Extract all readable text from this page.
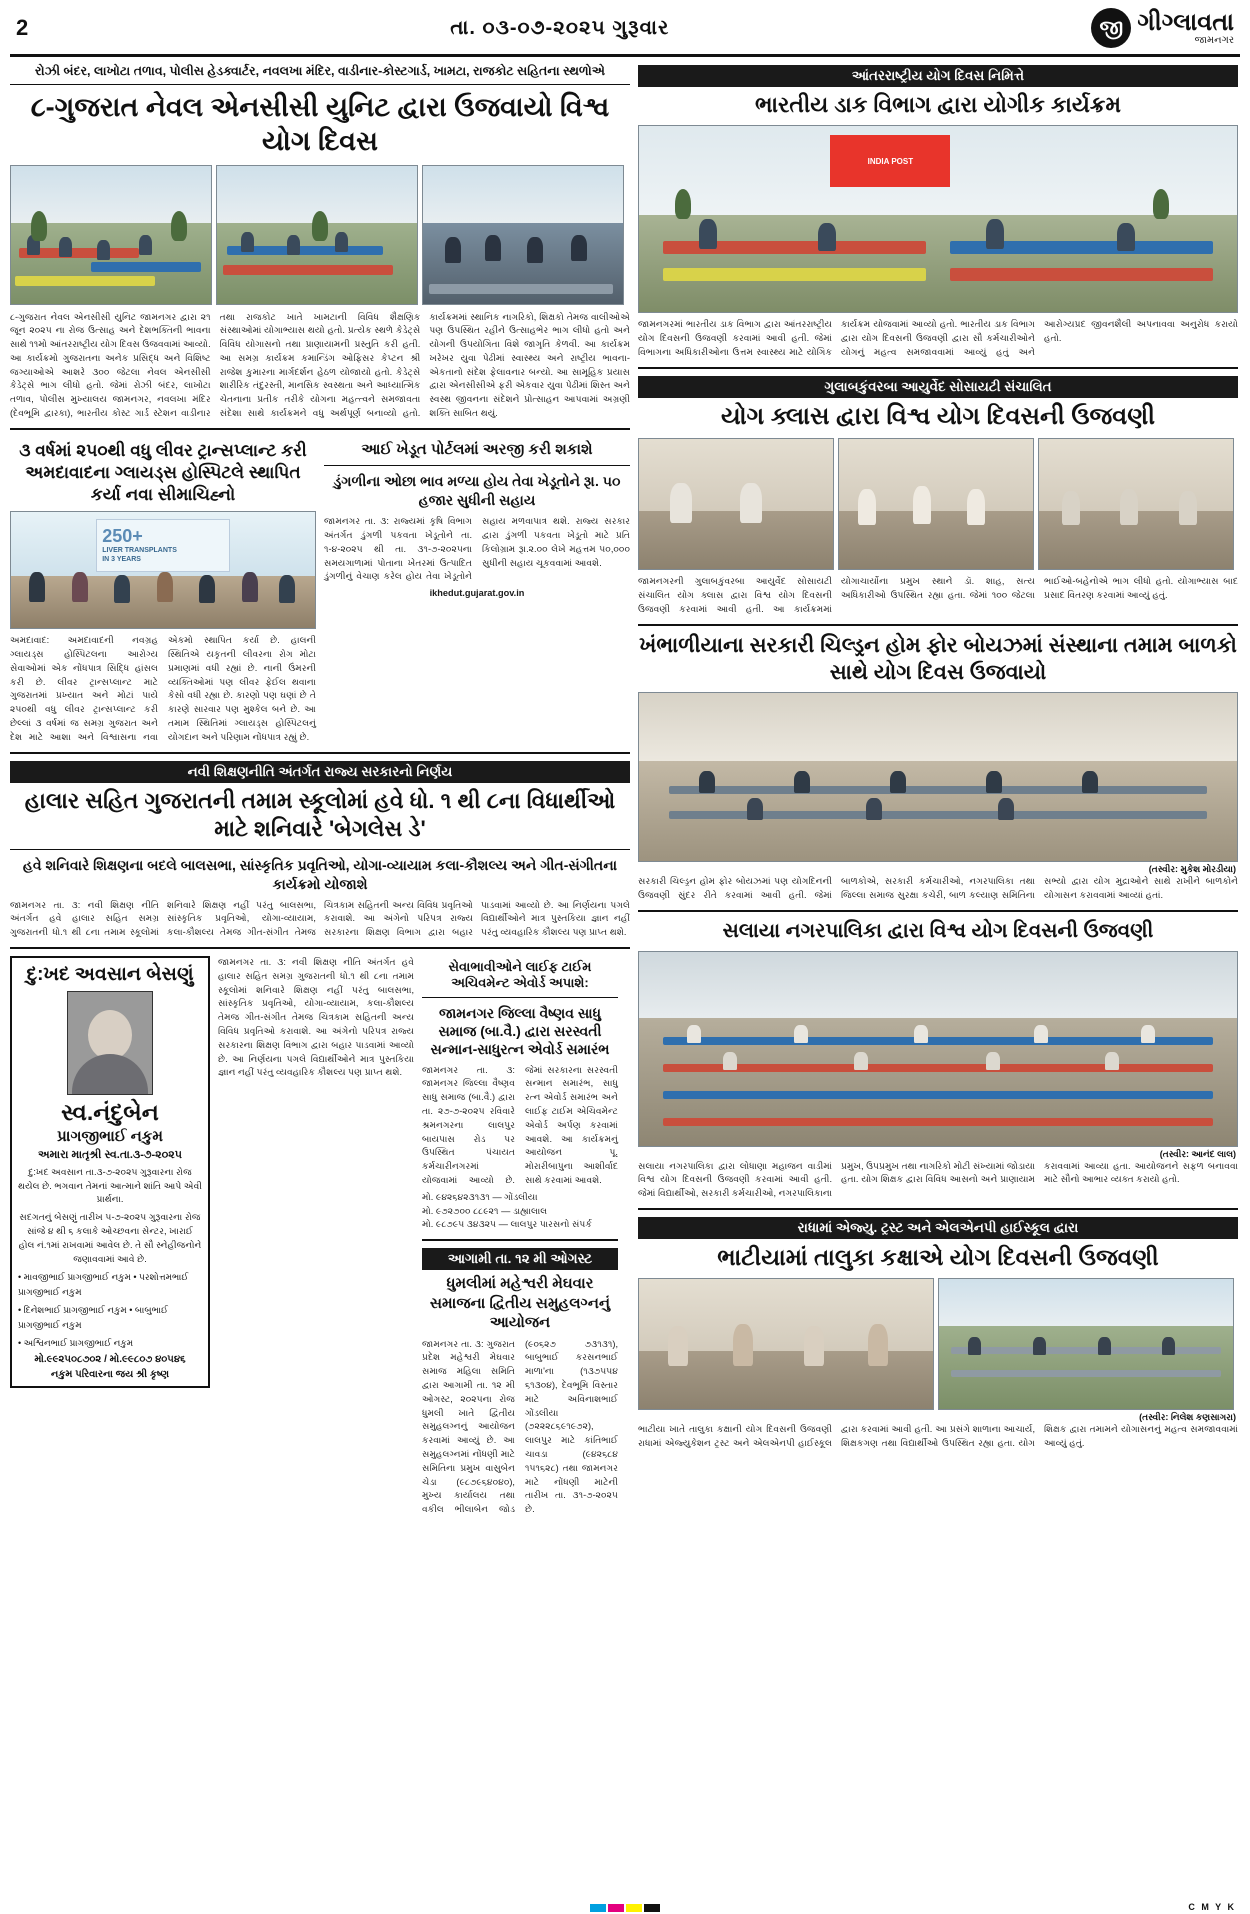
2	તા. ૦૩-૦૭-૨૦૨૫ ગુરૂવાર	જી ગીગ્લાવતા
જામનગર
રોઝી બંદર, લાખોટા તળાવ, પોલીસ હેડક્વાર્ટર, નવલખા મંદિર, વાડીનાર-કોસ્ટગાર્ડ, ખામટા, રાજકોટ સહિતના સ્થળોએ
૮-ગુજરાત નેવલ એનસીસી યુનિટ દ્વારા ઉજવાયો વિશ્વ યોગ દિવસ
૮-ગુજરાત નેવલ એનસીસી યુનિટ જામનગર દ્વારા ૨૧ જૂન ૨૦૨૫ ના રોજ ઉત્સાહ અને દેશભક્તિની ભાવના સાથે ૧૧મો આંતરરાષ્ટ્રીય યોગ દિવસ ઉજવવામાં આવ્યો. આ કાર્યક્રમો ગુજરાતના અનેક પ્રસિદ્ધ અને વિશિષ્ટ જગ્યાઓએ આશરે ૩૦૦ જેટલા નેવલ એનસીસી કેડેટ્સે ભાગ લીધો હતો. જેમાં રોઝી બંદર, લાખોટા તળાવ, પોલીસ મુખ્યાલય જામનગર, નવલખા મંદિર (દેવભૂમિ દ્વારકા), ભારતીય કોસ્ટ ગાર્ડ સ્ટેશન વાડીનાર તથા રાજકોટ ખાતે ખામટાની વિવિધ શૈક્ષણિક સંસ્થાઓમાં યોગાભ્યાસ થયો હતો. પ્રત્યેક સ્થળે કેડેટ્સે વિવિધ યોગાસનો તથા પ્રાણાયામની પ્રસ્તુતિ કરી હતી. આ સમગ્ર કાર્યક્રમ કમાન્ડિંગ ઓફિસર કેપ્ટન શ્રી રાજેશ કુમારના માર્ગદર્શન હેઠળ યોજાયો હતો. કેડેટ્સે શારીરિક તંદુરસ્તી, માનસિક સ્વસ્થતા અને આધ્યાત્મિક ચેતનાના પ્રતીક તરીકે યોગના મહત્ત્વને સમજાવતા સંદેશા સાથે કાર્યક્રમને વધુ અર્થપૂર્ણ બનાવ્યો હતો. કાર્યક્રમમાં સ્થાનિક નાગરિકો, શિક્ષકો તેમજ વાલીઓએ પણ ઉપસ્થિત રહીને ઉત્સાહભેર ભાગ લીધો હતો અને યોગની ઉપયોગિતા વિશે જાગૃતિ કેળવી. આ કાર્યક્રમ ખરેખર યુવા પેઢીમાં સ્વાસ્થ્ય અને રાષ્ટ્રીય ભાવના-એકતાનો સંદેશ ફેલાવનાર બન્યો. આ સામૂહિક પ્રયાસ દ્વારા એનસીસીએ ફરી એકવાર યુવા પેઢીમાં શિસ્ત અને સ્વસ્થ જીવનના સંદેશને પ્રોત્સાહન આપવામાં અગ્રણી શક્તિ સાબિત થયું.
૩ વર્ષમાં ૨૫૦થી વધુ લીવર ટ્રાન્સપ્લાન્ટ કરી અમદાવાદના ગ્લાયડ્સ હોસ્પિટલે સ્થાપિત કર્યા નવા સીમાચિહ્નો
250+
LIVER TRANSPLANTS
IN 3 YEARS
અમદાવાદ: અમદાવાદની નવગ્રહ ગ્લાયડ્સ હોસ્પિટલના આરોગ્ય સેવાઓમાં એક નોંધપાત્ર સિદ્ધિ હાંસલ કરી છે. લીવર ટ્રાન્સપ્લાન્ટ માટે ગુજરાતમાં પ્રખ્યાત અને મોટાં પાયે ૨૫૦થી વધુ લીવર ટ્રાન્સપ્લાન્ટ કરી છેલ્લાં ૩ વર્ષમાં જ સમગ્ર ગુજરાત અને દેશ માટે આશા અને વિશ્વાસના નવા એકમો સ્થાપિત કર્યા છે. હાલની સ્થિતિએ યકૃતની લીવરના રોગ મોટા પ્રમાણમાં વધી રહ્યાં છે. નાની ઉંમરની વ્યક્તિઓમાં પણ લીવર ફેઈલ થવાના કેસો વધી રહ્યા છે. કારણો પણ ઘણાં છે તે કારણે સારવાર પણ મુશ્કેલ બને છે. આ તમામ સ્થિતિમાં ગ્લાયડ્સ હોસ્પિટલનું યોગદાન અને પરિણામ નોંધપાત્ર રહ્યું છે.
આઈ ખેડૂત પોર્ટલમાં અરજી કરી શકાશે
ડુંગળીના ઓછા ભાવ મળ્યા હોય તેવા ખેડૂતોને રૂ।. ૫૦ હજાર સુધીની સહાય
જામનગર તા. ૩: રાજ્યમાં કૃષિ વિભાગ અંતર્ગત ડુંગળી પકવતા ખેડૂતોને તા. ૧-૪-૨૦૨૫ થી તા. ૩૧-૭-૨૦૨૫ના સમયગાળામાં પોતાના ખેતરમાં ઉત્પાદિત ડુંગળીનું વેચાણ કરેલ હોય તેવા ખેડૂતોને સહાય મળવાપાત્ર થશે. રાજ્ય સરકાર દ્વારા ડુંગળી પકવતા ખેડૂતો માટે પ્રતિ કિલોગ્રામ રૂ।.૨.૦૦ લેખે મહત્તમ ૫૦,૦૦૦ સુધીની સહાય ચૂકવવામાં આવશે.
ikhedut.gujarat.gov.in
નવી શિક્ષણનીતિ અંતર્ગત રાજ્ય સરકારનો નિર્ણય
હાલાર સહિત ગુજરાતની તમામ સ્કૂલોમાં હવે ધો. ૧ થી ૮ના વિધાર્થીઓ માટે શનિવારે 'બેગલેસ ડે'
હવે શનિવારે શિક્ષણના બદલે બાલસભા, સાંસ્કૃતિક પ્રવૃતિઓ, યોગા-વ્યાયામ કલા-કૌશલ્ય અને ગીત-સંગીતના કાર્યક્રમો યોજાશે
જામનગર તા. ૩: નવી શિક્ષણ નીતિ અંતર્ગત હવે હાલાર સહિત સમગ્ર ગુજરાતની ધો.૧ થી ૮ના તમામ સ્કૂલોમાં શનિવારે શિક્ષણ નહીં પરંતુ બાલસભા, સાંસ્કૃતિક પ્રવૃતિઓ, યોગા-વ્યાયામ, કલા-કૌશલ્ય તેમજ ગીત-સંગીત તેમજ ચિત્રકામ સહિતની અન્ય વિવિધ પ્રવૃતિઓ કરાવાશે. આ અંગેનો પરિપત્ર રાજ્ય સરકારના શિક્ષણ વિભાગ દ્વારા બહાર પાડવામાં આવ્યો છે. આ નિર્ણયના પગલે વિદ્યાર્થીઓને માત્ર પુસ્તકિયા જ્ઞાન નહીં પરંતુ વ્યવહારિક કૌશલ્ય પણ પ્રાપ્ત થશે.
દુ:ખદ અવસાન બેસણું
સ્વ.નંદુબેન
પ્રાગજીભાઈ નકુમ
અમારા માતૃશ્રી સ્વ.તા.૩-૭-૨૦૨૫
દુ:ખદ અવસાન તા.૩-૭-૨૦૨૫ ગુરૂવારના રોજ થયેલ છે. ભગવાન તેમનાં આત્માને શાંતિ આપે એવી પ્રાર્થના.
સદગતનું બેસણું તારીખ ૫-૭-૨૦૨૫ ગુરૂવારના રોજ સાંજે ૪ થી ૬ કલાકે ઓચ્છવના સેન્ટર, ખારાઈ હોલ નં.૧માં રાખવામાં આવેલ છે. તે સૌ સ્નેહીજનોને જણાવવામાં આવે છે.
• માવજીભાઈ પ્રાગજીભાઈ નકુમ • પરશોત્તમભાઈ પ્રાગજીભાઈ નકુમ
• દિનેશભાઈ પ્રાગજીભાઈ નકુમ • બાબુભાઈ પ્રાગજીભાઈ નકુમ
• અશ્વિનભાઈ પ્રાગજીભાઈ નકુમ
મો.૯૯૨૫૦૮૭૦૨ / મો.૯૯૮૦૭ ૪૦૫૪૬
નકુમ પરિવારના જય શ્રી કૃષ્ણ
જામનગર તા. ૩: નવી શિક્ષણ નીતિ અંતર્ગત હવે હાલાર સહિત સમગ્ર ગુજરાતની ધો.૧ થી ૮ના તમામ સ્કૂલોમાં શનિવારે શિક્ષણ નહીં પરંતુ બાલસભા, સાંસ્કૃતિક પ્રવૃતિઓ, યોગા-વ્યાયામ, કલા-કૌશલ્ય તેમજ ગીત-સંગીત તેમજ ચિત્રકામ સહિતની અન્ય વિવિધ પ્રવૃતિઓ કરાવાશે. આ અંગેનો પરિપત્ર રાજ્ય સરકારના શિક્ષણ વિભાગ દ્વારા બહાર પાડવામાં આવ્યો છે. આ નિર્ણયના પગલે વિદ્યાર્થીઓને માત્ર પુસ્તકિયા જ્ઞાન નહીં પરંતુ વ્યવહારિક કૌશલ્ય પણ પ્રાપ્ત થશે.
સેવાભાવીઓને લાઈફ ટાઈમ અચિવમેન્ટ એવોર્ડ અપાશે:
જામનગર જિલ્લા વૈષ્ણવ સાધુ સમાજ (બા.વૈ.) દ્વારા સરસ્વતી સન્માન-સાધુરત્ન એવોર્ડ સમારંભ
જામનગર તા. ૩: જામનગર જિલ્લા વૈષ્ણવ સાધુ સમાજ (બા.વૈ.) દ્વારા તા. ૨૭-૭-૨૦૨૫ રવિવારે શ્રમનગરના લાલપુર બાયપાસ રોડ પર ઉપસ્થિત પંચાયત કર્મચારીનગરમાં યોજવામાં આવ્યો છે. જેમાં સરકારના સરસ્વતી સન્માન સમારંભ, સાધુ રત્ન એવોર્ડ સમારંભ અને લાઈફ ટાઈમ એચિવમેન્ટ એવોર્ડ અર્પણ કરવામાં આવશે. આ કાર્યક્રમનું આયોજન પૂ. મોરારીબાપુના આશીર્વાદ સાથે કરવામાં આવશે.
મો. ૯૪૨૬૪૨૩૧૩૧ — ગોંડલીયા
મો. ૯૭૨૭૦૦ ૮૮૯૨૧ — ડાહ્યાલાલ
મો. ૯૮૭૯૫ ૩૪૩૨૫ — લાલપુર પારસનો સંપર્ક
આગામી તા. ૧૨ મી ઓગસ્ટ
ધુમલીમાં મહેશ્વરી મેઘવાર સમાજના દ્વિતીય સમુહલગ્નનું આયોજન
જામનગર તા. ૩: ગુજરાત પ્રદેશ મહેશ્વરી મેઘવાર સમાજ મહિલા સમિતિ દ્વારા આગામી તા. ૧૨ મી ઓગસ્ટ, ૨૦૨૫ના રોજ ધુમલી ખાતે દ્વિતીય સમુહલગ્નનું આયોજન કરવામાં આવ્યું છે. આ સમુહલગ્નમાં નોંધણી માટે સમિતિના પ્રમુખ વાસુબેન ચેડા (૯૮૭૯૬૪૦૪૦), મુખ્ય કાર્યાલય તથા વકીલ ભીલાબેન જોડ (૯૦૬૨૭ ૭૩૧૩૧), બાબુભાઈ કરસનભાઈ માળા'ના (૧૩૭૫૫૪ ૬૧૩૦૪), દેવભૂમિ વિસ્તાર માટે અવિનાશભાઈ ગોંડલીયા (૭૨૨૨૮૬૯૧૯૭૨), લાલપુર માટે કાંતિભાઈ ચાવડા (૯૪૨૬૮૪ ૧૫૧૬૨૮) તથા જામનગર માટે નોંધણી માટેની તારીખ તા. ૩૧-૭-૨૦૨૫ છે.
આંતરરાષ્ટ્રીય યોગ દિવસ નિમિત્તે
ભારતીય ડાક વિભાગ દ્વારા યોગીક કાર્યક્રમ
INDIA POST
જામનગરમાં ભારતીય ડાક વિભાગ દ્વારા આંતરરાષ્ટ્રીય યોગ દિવસની ઉજવણી કરવામાં આવી હતી. જેમાં વિભાગના અધિકારીઓના ઉત્તમ સ્વાસ્થ્ય માટે યોગિક કાર્યક્રમ યોજવામાં આવ્યો હતો. ભારતીય ડાક વિભાગ દ્વારા યોગ દિવસની ઉજવણી દ્વારા સૌ કર્મચારીઓને યોગનું મહત્વ સમજાવવામાં આવ્યું હતું અને આરોગ્યપ્રદ જીવનશૈલી અપનાવવા અનુરોધ કરાયો હતો.
ગુલાબકુંવરબા આયુર્વેદ સોસાયટી સંચાલિત
યોગ ક્લાસ દ્વારા વિશ્વ યોગ દિવસની ઉજવણી
જામનગરની ગુલાબકુંવરબા આયુર્વેદ સોસાયટી સંચાલિત યોગ ક્લાસ દ્વારા વિશ્વ યોગ દિવસની ઉજવણી કરવામાં આવી હતી. આ કાર્યક્રમમાં યોગાચાર્યોના પ્રમુખ સ્થાને ડૉ. શાહ, સત્ય અધિકારીઓ ઉપસ્થિત રહ્યા હતા. જેમાં ૧૦૦ જેટલા ભાઈઓ-બહેનોએ ભાગ લીધો હતો. યોગાભ્યાસ બાદ પ્રસાદ વિતરણ કરવામાં આવ્યું હતું.
ખંભાળીયાના સરકારી ચિલ્ડ્રન હોમ ફોર બોયઝમાં સંસ્થાના તમામ બાળકો સાથે યોગ દિવસ ઉજવાયો
(તસ્વીર: મુકેશ મોરડીયા)
સરકારી ચિલ્ડ્રન હોમ ફોર બોયઝમાં પણ યોગદિનની ઉજવણી સુંદર રીતે કરવામાં આવી હતી. જેમાં બાળકોએ, સરકારી કર્મચારીઓ, નગરપાલિકા તથા જિલ્લા સમાજ સુરક્ષા કચેરી, બાળ કલ્યાણ સમિતિના સભ્યો દ્વારા યોગ મુદ્રાઓને સાથે રાખીને બાળકોને યોગાસન કરાવવામાં આવ્યાં હતાં.
સલાયા નગરપાલિકા દ્વારા વિશ્વ યોગ દિવસની ઉજવણી
(તસ્વીર: આનંદ લાલ)
સલાયા નગરપાલિકા દ્વારા લોધાણા મહાજન વાડીમાં વિશ્વ યોગ દિવસની ઉજવણી કરવામાં આવી હતી. જેમાં વિદ્યાર્થીઓ, સરકારી કર્મચારીઓ, નગરપાલિકાના પ્રમુખ, ઉપપ્રમુખ તથા નાગરિકો મોટી સંખ્યામાં જોડાયા હતા. યોગ શિક્ષક દ્વારા વિવિધ આસનો અને પ્રાણાયામ કરાવવામાં આવ્યા હતા. આયોજનને સફળ બનાવવા માટે સૌનો આભાર વ્યક્ત કરાયો હતો.
રાધામાં એજ્યુ. ટ્રસ્ટ અને એલએનપી હાઈસ્કૂલ દ્વારા
ભાટીયામાં તાલુકા કક્ષાએ યોગ દિવસની ઉજવણી
(તસ્વીર: નિલેશ કણસાગરા)
ભાટીયા ખાતે તાલુકા કક્ષાની યોગ દિવસની ઉજવણી રાધામાં એજ્યુકેશન ટ્રસ્ટ અને એલએનપી હાઈસ્કૂલ દ્વારા કરવામાં આવી હતી. આ પ્રસંગે શાળાના આચાર્ય, શિક્ષકગણ તથા વિદ્યાર્થીઓ ઉપસ્થિત રહ્યા હતા. યોગ શિક્ષક દ્વારા તમામને યોગાસનનું મહત્વ સમજાવવામાં આવ્યું હતું.
C M Y K
